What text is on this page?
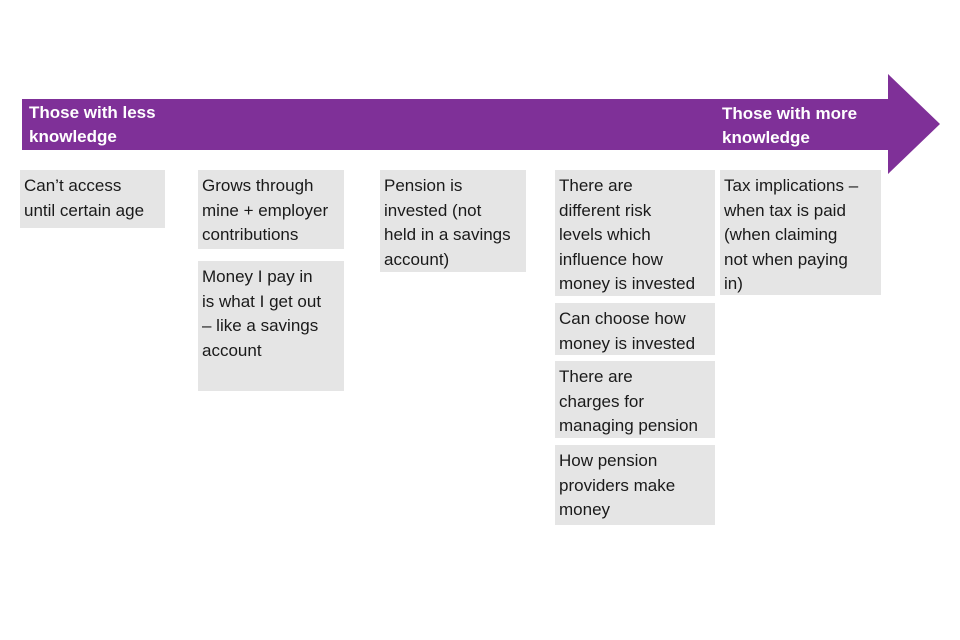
Those with less
knowledge
Those with more
knowledge
Can’t access
until certain age
Grows through
mine + employer
contributions
Money I pay in
is what I get out
– like a savings
account
Pension is
invested (not
held in a savings
account)
There are
different risk
levels which
influence how
money is invested
Can choose how
money is invested
There are
charges for
managing pension
How pension
providers make
money
Tax implications –
when tax is paid
(when claiming
not when paying
in)
